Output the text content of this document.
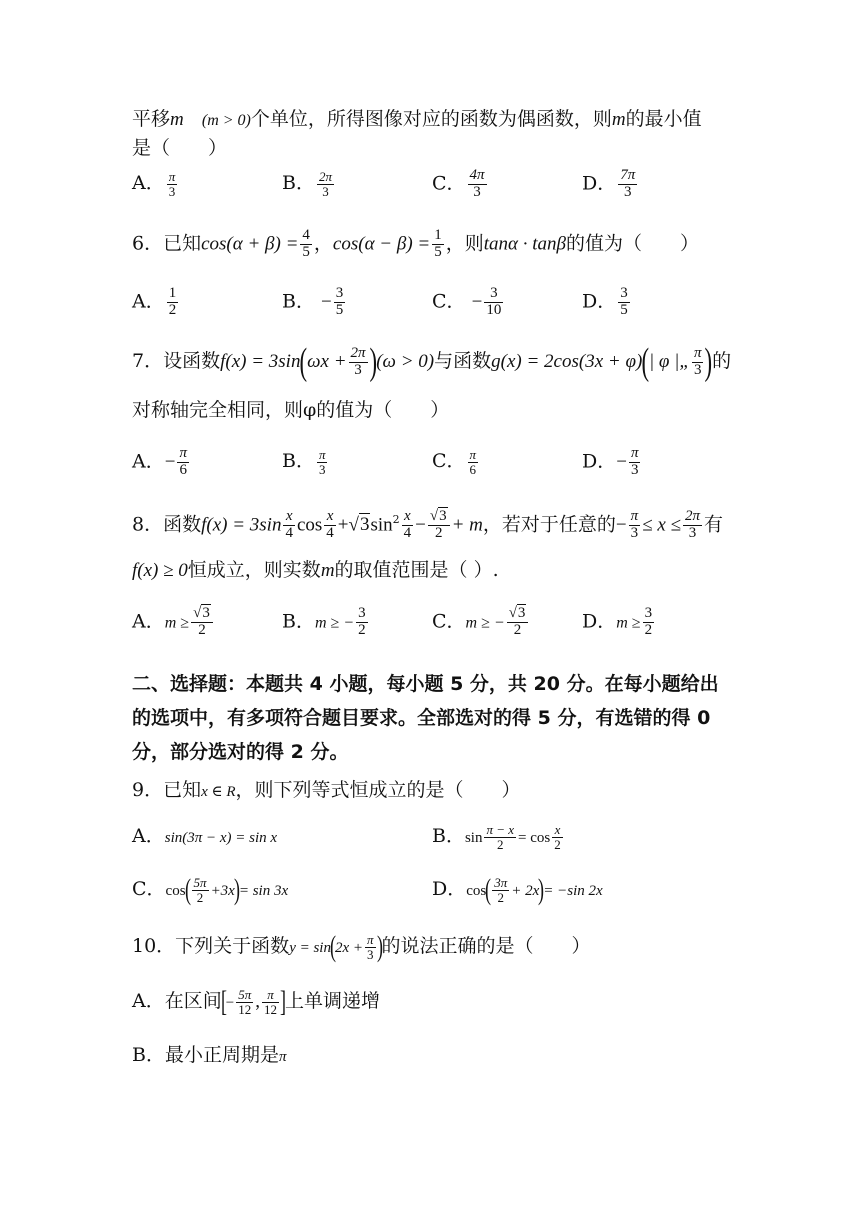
平移m (m > 0)个单位，所得图像对应的函数为偶函数，则m的最小值
是（　　）
A． $\frac{\pi}{3}$	B． $\frac{2\pi}{3}$	C． $\frac{4\pi}{3}$	D． $\frac{7\pi}{3}$
6．已知$\cos(\alpha + \beta) = \frac{4}{5}$ ，$\cos(\alpha - \beta) = \frac{1}{5}$ ，则tanα · tanβ的值为（　　）
A． $\frac{1}{2}$	B． − $\frac{3}{5}$	C． − $\frac{3}{10}$	D． $\frac{3}{5}$
7．设函数$f(x) = 3\sin(\omega x + \frac{2\pi}{3} )(\omega > 0)$与函数g(x) = 2cos(3x + φ)(| φ |„ $\frac{\pi}{3}$ )的
对称轴完全相同，则φ的值为（　　）
A．− $\frac{\pi}{6}$	B． $\frac{\pi}{3}$	C． $\frac{\pi}{6}$	D．− $\frac{\pi}{3}$
8．函数$f(x) = 3\sin \frac{x}{4}$ $\cos \frac{x}{4} +√3\sin^2 \frac{x}{4} - \frac{√3}{2} + m$，若对于任意的− $\frac{\pi}{3} \le x \le \frac{2\pi}{3}$ 有
f(x) ≥ 0恒成立，则实数m的取值范围是（ ）.
A．$m \ge \frac{√3}{2}$	B．m ≥ − $\frac{3}{2}$	C．m ≥ − $\frac{√3}{2}$	D．$m \ge \frac{3}{2}$
二、选择题：本题共 4 小题，每小题 5 分，共 20 分。在每小题给出
的选项中，有多项符合题目要求。全部选对的得 5 分，有选错的得 0
分，部分选对的得 2 分。
9．已知x ∈ R，则下列等式恒成立的是（　　）
A．sin(3π − x) = sin x	B．$\sin \frac{\pi - x}{2} = \cos \frac{x}{2}$
C．$\cos( \frac{5\pi}{2} +3x)= \sin 3x$	D．$\cos( \frac{3\pi}{2} + 2x)= -\sin$ 2x
10．下列关于函数$y = \sin(2x + \frac{\pi}{3}$ )的说法正确的是（　　）
A．在区间[− $\frac{5\pi}{12}$ , $\frac{\pi}{12}$ ]上单调递增
B．最小正周期是π
